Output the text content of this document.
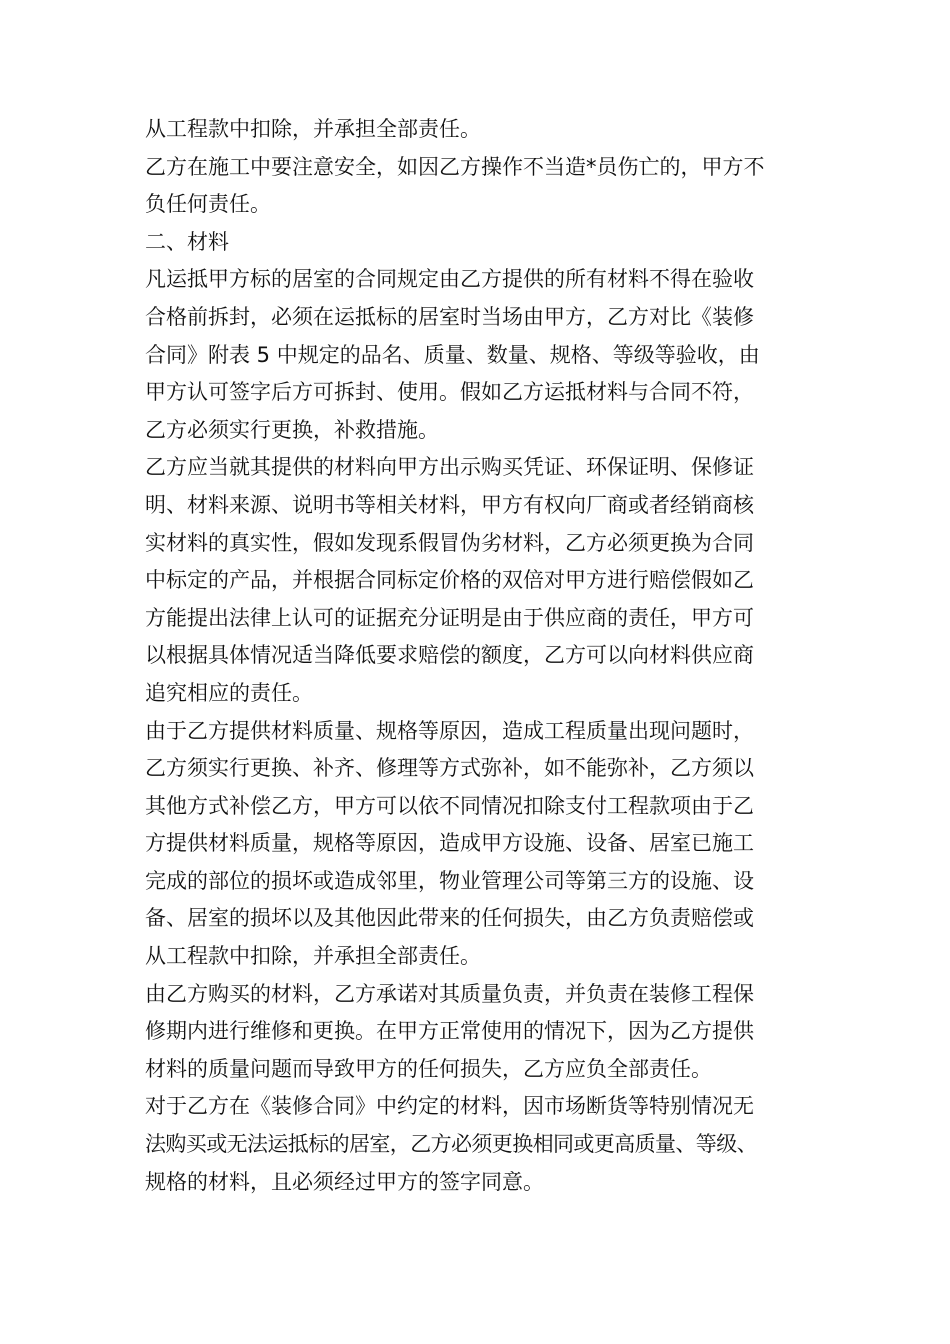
从工程款中扣除，并承担全部责任。

乙方在施工中要注意安全，如因乙方操作不当造*员伤亡的，甲方不

负任何责任。

二、材料

凡运抵甲方标的居室的合同规定由乙方提供的所有材料不得在验收

合格前拆封，必须在运抵标的居室时当场由甲方，乙方对比《装修

合同》附表 5 中规定的品名、质量、数量、规格、等级等验收，由

甲方认可签字后方可拆封、使用。假如乙方运抵材料与合同不符，

乙方必须实行更换，补救措施。

乙方应当就其提供的材料向甲方出示购买凭证、环保证明、保修证

明、材料来源、说明书等相关材料，甲方有权向厂商或者经销商核

实材料的真实性，假如发现系假冒伪劣材料，乙方必须更换为合同

中标定的产品，并根据合同标定价格的双倍对甲方进行赔偿假如乙

方能提出法律上认可的证据充分证明是由于供应商的责任，甲方可

以根据具体情况适当降低要求赔偿的额度，乙方可以向材料供应商

追究相应的责任。

由于乙方提供材料质量、规格等原因，造成工程质量出现问题时，

乙方须实行更换、补齐、修理等方式弥补，如不能弥补，乙方须以

其他方式补偿乙方，甲方可以依不同情况扣除支付工程款项由于乙

方提供材料质量，规格等原因，造成甲方设施、设备、居室已施工

完成的部位的损坏或造成邻里，物业管理公司等第三方的设施、设

备、居室的损坏以及其他因此带来的任何损失，由乙方负责赔偿或

从工程款中扣除，并承担全部责任。

由乙方购买的材料，乙方承诺对其质量负责，并负责在装修工程保

修期内进行维修和更换。在甲方正常使用的情况下，因为乙方提供

材料的质量问题而导致甲方的任何损失，乙方应负全部责任。

对于乙方在《装修合同》中约定的材料，因市场断货等特别情况无

法购买或无法运抵标的居室，乙方必须更换相同或更高质量、等级、

规格的材料，且必须经过甲方的签字同意。
